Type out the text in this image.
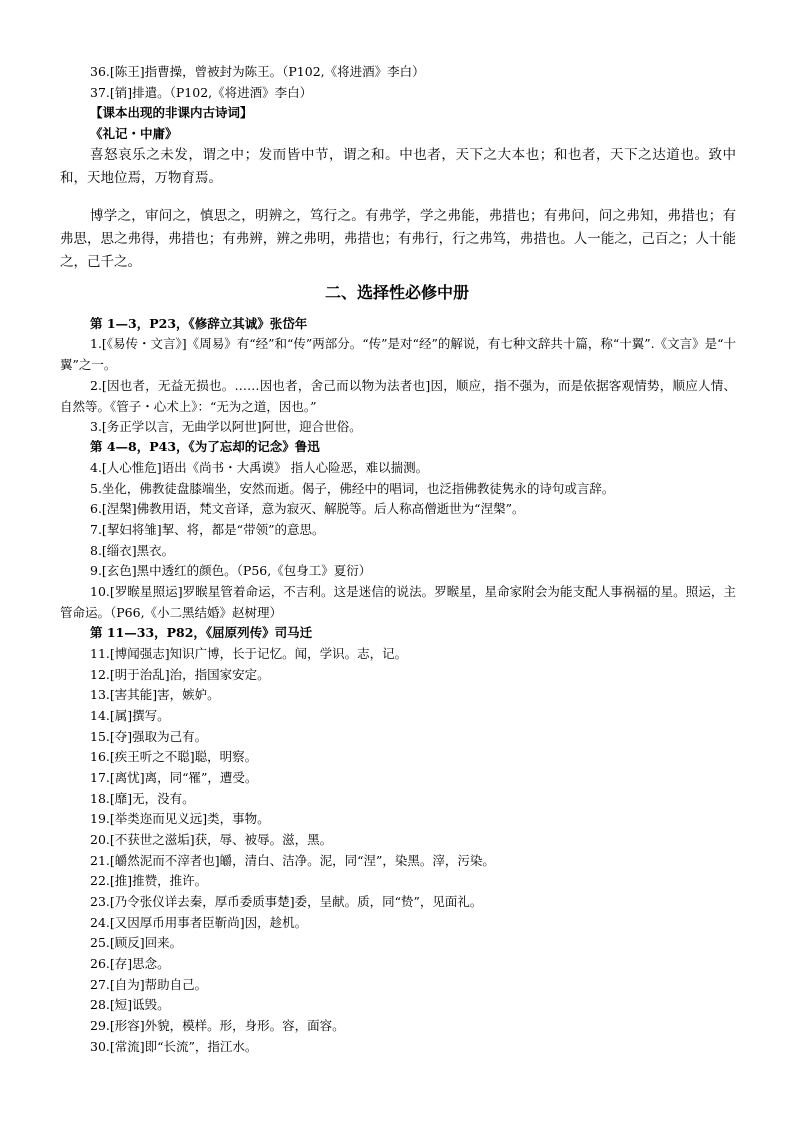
36.[陈王]指曹操，曾被封为陈王。（P102,《将进酒》李白）
37.[销]排遣。（P102,《将进酒》李白）
【课本出现的非课内古诗词】
《礼记・中庸》
喜怒哀乐之未发，谓之中；发而皆中节，谓之和。中也者，天下之大本也；和也者，天下之达道也。致中和，天地位焉，万物育焉。
博学之，审问之，慎思之，明辨之，笃行之。有弗学，学之弗能，弗措也；有弗问，问之弗知，弗措也；有弗思，思之弗得，弗措也；有弗辨，辨之弗明，弗措也；有弗行，行之弗笃，弗措也。人一能之，己百之；人十能之，己千之。
二、选择性必修中册
第 1—3，P23，《修辞立其诚》张岱年
1.[《易传・文言》]《周易》有“经”和“传”两部分。“传”是对“经”的解说，有七种文辞共十篇，称“十翼”.《文言》是“十翼”之一。
2.[因也者，无益无损也。……因也者，舍己而以物为法者也]因，顺应，指不强为，而是依据客观情势，顺应人情、自然等。《管子・心术上》：“无为之道，因也。”
3.[务正学以言，无曲学以阿世]阿世，迎合世俗。
第 4—8，P43，《为了忘却的记念》鲁迅
4.[人心惟危]语出《尚书・大禹谟》 指人心险恶，难以揣测。
5.坐化，佛教徒盘膝端坐，安然而逝。偈子，佛经中的唱词，也泛指佛教徒隽永的诗句或言辞。
6.[涅槃]佛教用语，梵文音译，意为寂灭、解脱等。后人称高僧逝世为“涅槃”。
7.[挈妇将雏]挈、将，都是“带领”的意思。
8.[缁衣]黑衣。
9.[玄色]黑中透红的颜色。（P56,《包身工》夏衍）
10.[罗睺星照运]罗睺星管着命运，不吉利。这是迷信的说法。罗睺星，星命家附会为能支配人事祸福的星。照运，主管命运。（P66,《小二黑结婚》赵树理）
第 11—33，P82，《屈原列传》司马迁
11.[博闻强志]知识广博，长于记忆。闻，学识。志，记。
12.[明于治乱]治，指国家安定。
13.[害其能]害，嫉妒。
14.[属]撰写。
15.[夺]强取为己有。
16.[疾王听之不聪]聪，明察。
17.[离忧]离，同“罹”，遭受。
18.[靡]无，没有。
19.[举类迩而见义远]类，事物。
20.[不获世之滋垢]获，辱、被辱。滋，黑。
21.[皭然泥而不滓者也]皭，清白、洁净。泥，同“涅”，染黑。滓，污染。
22.[推]推赞，推许。
23.[乃令张仪详去秦，厚币委质事楚]委，呈献。质，同“贽”，见面礼。
24.[又因厚币用事者臣靳尚]因，趁机。
25.[顾反]回来。
26.[存]思念。
27.[自为]帮助自己。
28.[短]诋毁。
29.[形容]外貌，模样。形，身形。容，面容。
30.[常流]即“长流”，指江水。
